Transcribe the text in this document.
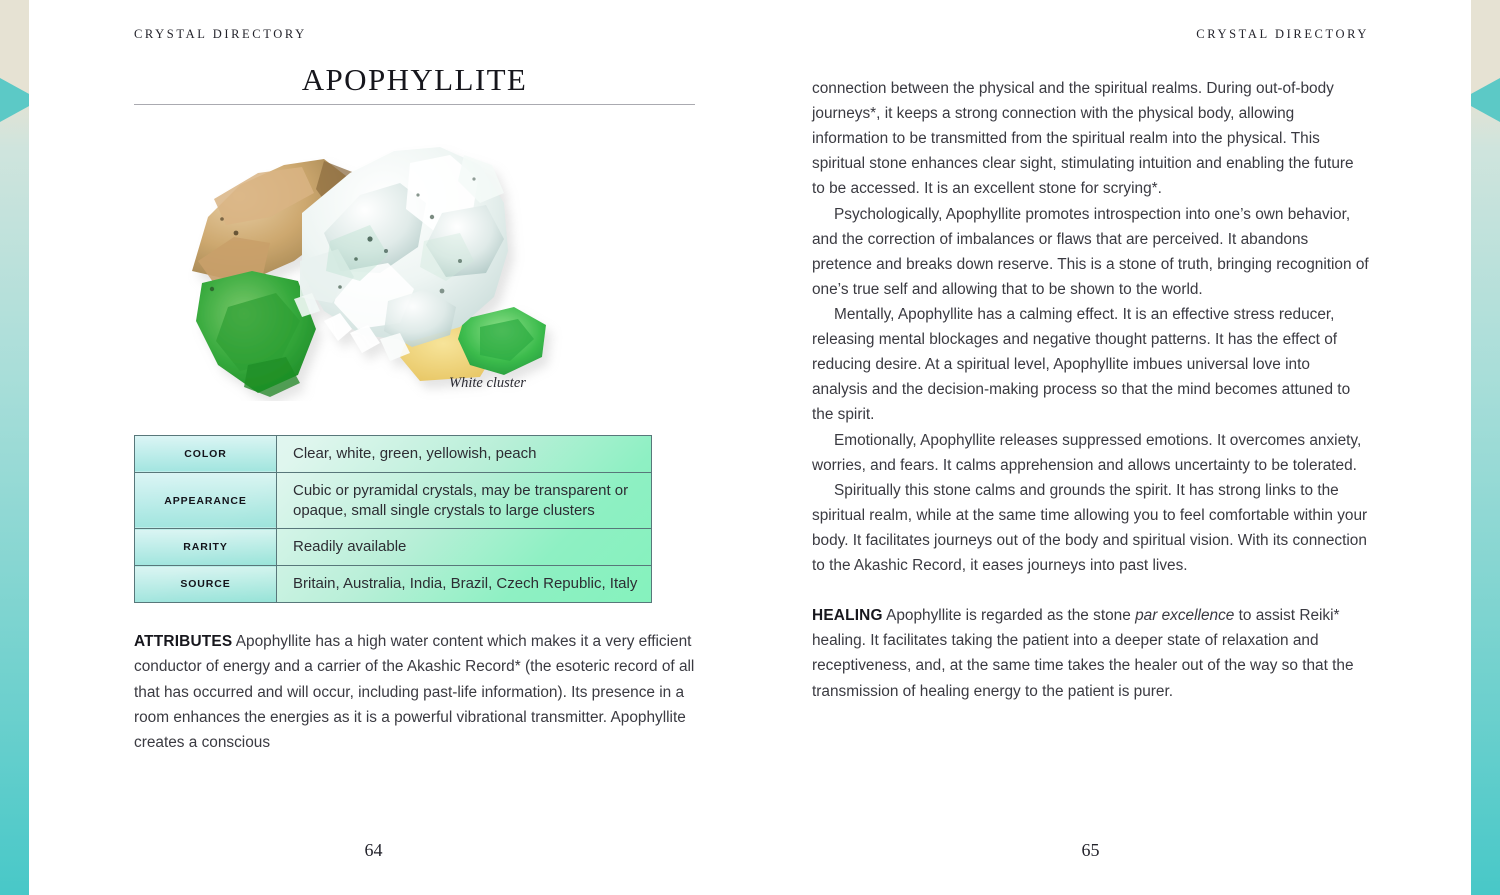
CRYSTAL DIRECTORY
APOPHYLLITE
White cluster
COLOR	Clear, white, green, yellowish, peach
APPEARANCE	Cubic or pyramidal crystals, may be transparent or opaque, small single crystals to large clusters
RARITY	Readily available
SOURCE	Britain, Australia, India, Brazil, Czech Republic, Italy

ATTRIBUTES Apophyllite has a high water content which makes it a very efficient conductor of energy and a carrier of the Akashic Record* (the esoteric record of all that has occurred and will occur, including past-life information). Its presence in a room enhances the energies as it is a powerful vibrational transmitter. Apophyllite creates a conscious

64
CRYSTAL DIRECTORY

connection between the physical and the spiritual realms. During out-of-body journeys*, it keeps a strong connection with the physical body, allowing information to be transmitted from the spiritual realm into the physical. This spiritual stone enhances clear sight, stimulating intuition and enabling the future to be accessed. It is an excellent stone for scrying*.

Psychologically, Apophyllite promotes introspection into one’s own behavior, and the correction of imbalances or flaws that are perceived. It abandons pretence and breaks down reserve. This is a stone of truth, bringing recognition of one’s true self and allowing that to be shown to the world.

Mentally, Apophyllite has a calming effect. It is an effective stress reducer, releasing mental blockages and negative thought patterns. It has the effect of reducing desire. At a spiritual level, Apophyllite imbues universal love into analysis and the decision-making process so that the mind becomes attuned to the spirit.

Emotionally, Apophyllite releases suppressed emotions. It overcomes anxiety, worries, and fears. It calms apprehension and allows uncertainty to be tolerated.

Spiritually this stone calms and grounds the spirit. It has strong links to the spiritual realm, while at the same time allowing you to feel comfortable within your body. It facilitates journeys out of the body and spiritual vision. With its connection to the Akashic Record, it eases journeys into past lives.

HEALING Apophyllite is regarded as the stone par excellence to assist Reiki* healing. It facilitates taking the patient into a deeper state of relaxation and receptiveness, and, at the same time takes the healer out of the way so that the transmission of healing energy to the patient is purer.

65
